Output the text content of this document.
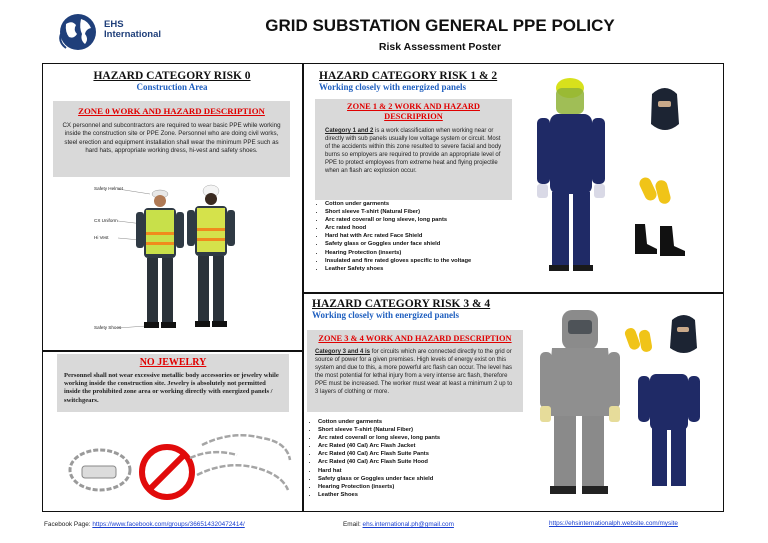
EHS
International	GRID SUBSTATION GENERAL PPE POLICY
Risk Assessment Poster
HAZARD CATEGORY RISK 0
Construction Area
ZONE 0 WORK AND HAZARD DESCRIPTION
CX personnel and subcontractors are required to wear basic PPE while working inside the construction site or PPE Zone. Personnel who are doing civil works, steel erection and equipment installation shall wear the minimum PPE such as hard hats, appropriate working dress, hi-vest and safety shoes.
Safety Helmet
CX Uniform
Hi Vest
Safety Shoes
NO JEWELRY
Personnel shall not wear excessive metallic body accessories or jewelry while working inside the construction site. Jewelry is absolutely not permitted inside the prohibited zone area or working directly with energized panels / switchgears.
HAZARD CATEGORY RISK 1 & 2
Working closely with energized panels
ZONE 1 & 2 WORK AND HAZARD
DESCRIPRION
Category 1 and 2 is a work classification when working near or directly with sub panels usually low voltage system or circuit. Most of the accidents within this zone resulted to severe facial and body burns so employers are required to provide an appropriate level of PPE to protect employees from extreme heat and flying projectile when an flash arc explosion occur.
• Cotton under garments
• Short sleeve T-shirt (Natural Fiber)
• Arc rated coverall or long sleeve, long pants
• Arc rated hood
• Hard hat with Arc rated Face Shield
• Safety glass or Goggles under face shield
• Hearing Protection (inserts)
• Insulated and fire rated gloves specific to the voltage
• Leather Safety shoes
HAZARD CATEGORY RISK 3 & 4
Working closely with energized panels
ZONE 3 & 4 WORK AND HAZARD DESCRIPTION
Category 3 and 4 is for circuits which are connected directly to the grid or source of power for a given premises. High levels of energy exist on this system and due to this, a more powerful arc flash can occur. The level has the most potential for lethal injury from a very intense arc flash, therefore PPE must be increased. The worker must wear at least a minimum 2 up to 3 layers of clothing or more.
• Cotton under garments
• Short sleeve T-shirt (Natural Fiber)
• Arc rated coverall or long sleeve, long pants
• Arc Rated (40 Cal) Arc Flash Jacket
• Arc Rated (40 Cal) Arc Flash Suite Pants
• Arc Rated (40 Cal) Arc Flash Suite Hood
• Hard hat
• Safety glass or Goggles under face shield
• Hearing Protection (inserts)
• Leather Shoes
Facebook Page: https://www.facebook.com/groups/366514320472414/	Email: ehs.international.ph@gmail.com	https://ehsinternationalph.website.com/mysite
